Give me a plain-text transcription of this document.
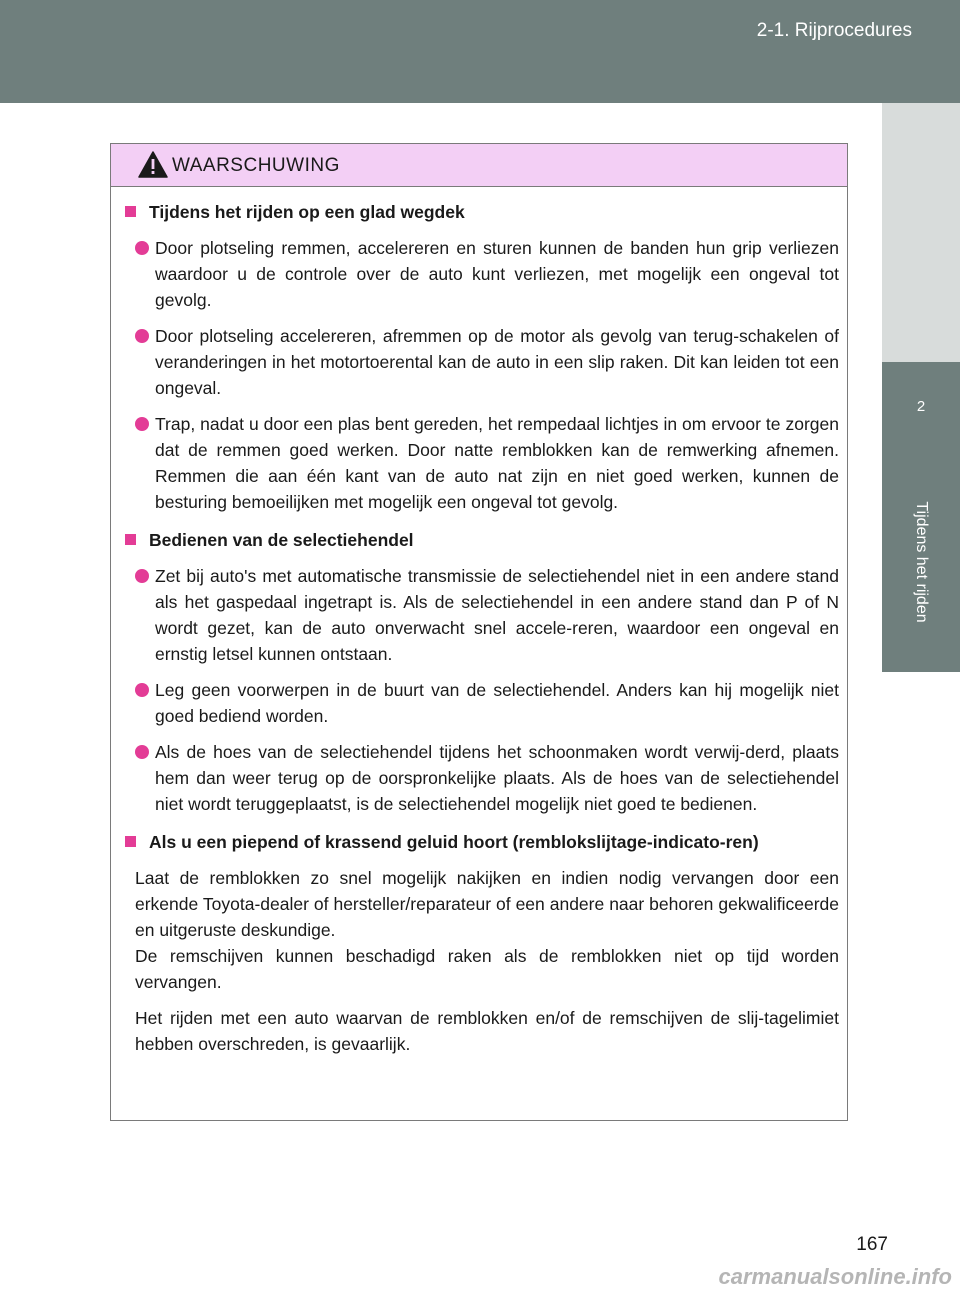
2-1. Rijprocedures
2
Tijdens het rijden
WAARSCHUWING
Tijdens het rijden op een glad wegdek
Door plotseling remmen, accelereren en sturen kunnen de banden hun grip verliezen waardoor u de controle over de auto kunt verliezen, met mogelijk een ongeval tot gevolg.
Door plotseling accelereren, afremmen op de motor als gevolg van terug-schakelen of veranderingen in het motortoerental kan de auto in een slip raken. Dit kan leiden tot een ongeval.
Trap, nadat u door een plas bent gereden, het rempedaal lichtjes in om ervoor te zorgen dat de remmen goed werken. Door natte remblokken kan de remwerking afnemen. Remmen die aan één kant van de auto nat zijn en niet goed werken, kunnen de besturing bemoeilijken met mogelijk een ongeval tot gevolg.
Bedienen van de selectiehendel
Zet bij auto's met automatische transmissie de selectiehendel niet in een andere stand als het gaspedaal ingetrapt is. Als de selectiehendel in een andere stand dan P of N wordt gezet, kan de auto onverwacht snel accele-reren, waardoor een ongeval en ernstig letsel kunnen ontstaan.
Leg geen voorwerpen in de buurt van de selectiehendel. Anders kan hij mogelijk niet goed bediend worden.
Als de hoes van de selectiehendel tijdens het schoonmaken wordt verwij-derd, plaats hem dan weer terug op de oorspronkelijke plaats. Als de hoes van de selectiehendel niet wordt teruggeplaatst, is de selectiehendel mogelijk niet goed te bedienen.
Als u een piepend of krassend geluid hoort (remblokslijtage-indicato-ren)
Laat de remblokken zo snel mogelijk nakijken en indien nodig vervangen door een erkende Toyota-dealer of hersteller/reparateur of een andere naar behoren gekwalificeerde en uitgeruste deskundige.
De remschijven kunnen beschadigd raken als de remblokken niet op tijd worden vervangen.
Het rijden met een auto waarvan de remblokken en/of de remschijven de slij-tagelimiet hebben overschreden, is gevaarlijk.
167
carmanualsonline.info
